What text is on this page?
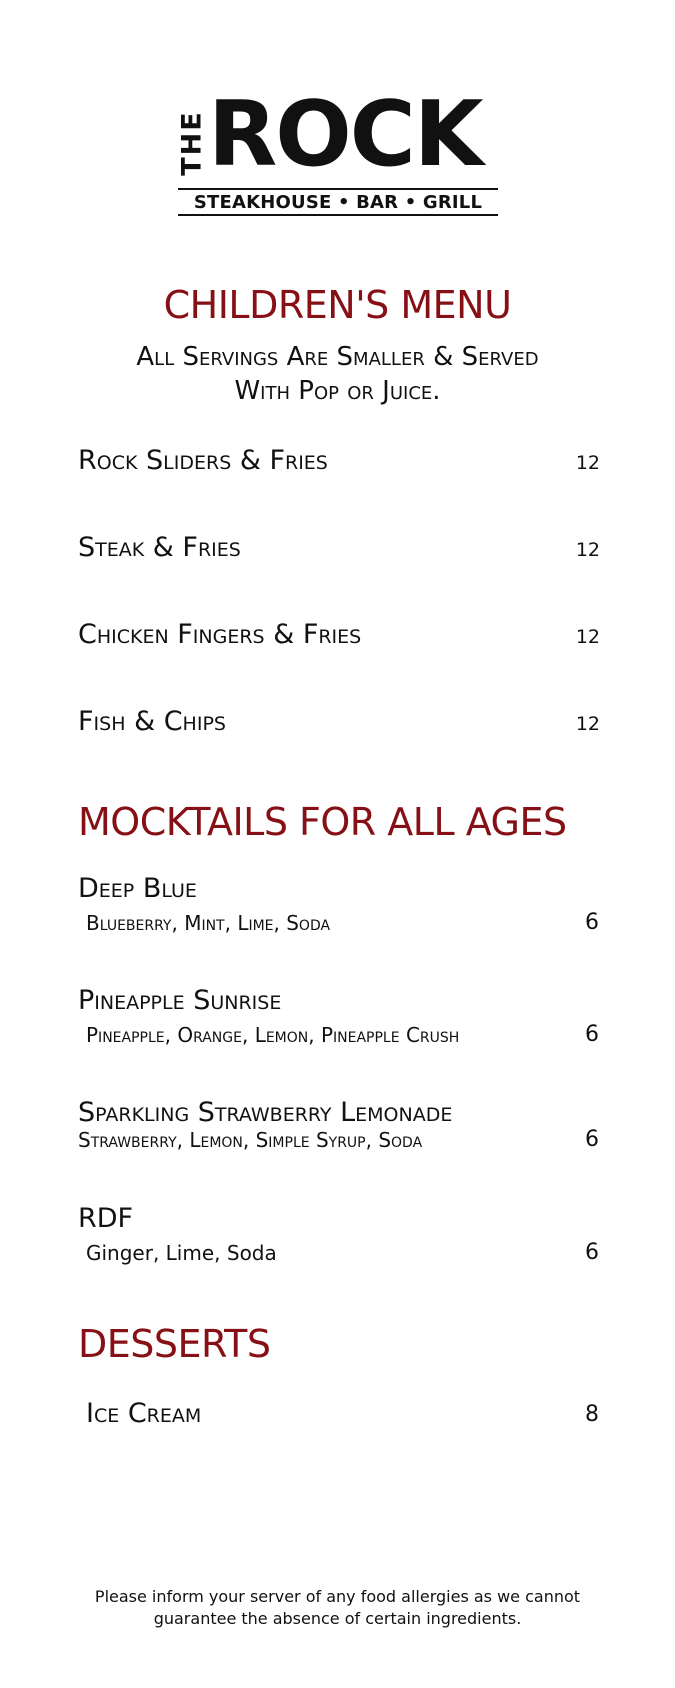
THE ROCK
STEAKHOUSE • BAR • GRILL
CHILDREN'S MENU
All Servings Are Smaller & Served
With Pop or Juice.
Rock Sliders & Fries	12
Steak & Fries	12
Chicken Fingers & Fries	12
Fish & Chips	12
MOCKTAILS FOR ALL AGES
Deep Blue
Blueberry, Mint, Lime, Soda	6
Pineapple Sunrise
Pineapple, Orange, Lemon, Pineapple Crush	6
Sparkling Strawberry Lemonade
Strawberry, Lemon, Simple Syrup, Soda	6
RDF
Ginger, Lime, Soda	6
DESSERTS
Ice Cream	8
Please inform your server of any food allergies as we cannot
guarantee the absence of certain ingredients.
